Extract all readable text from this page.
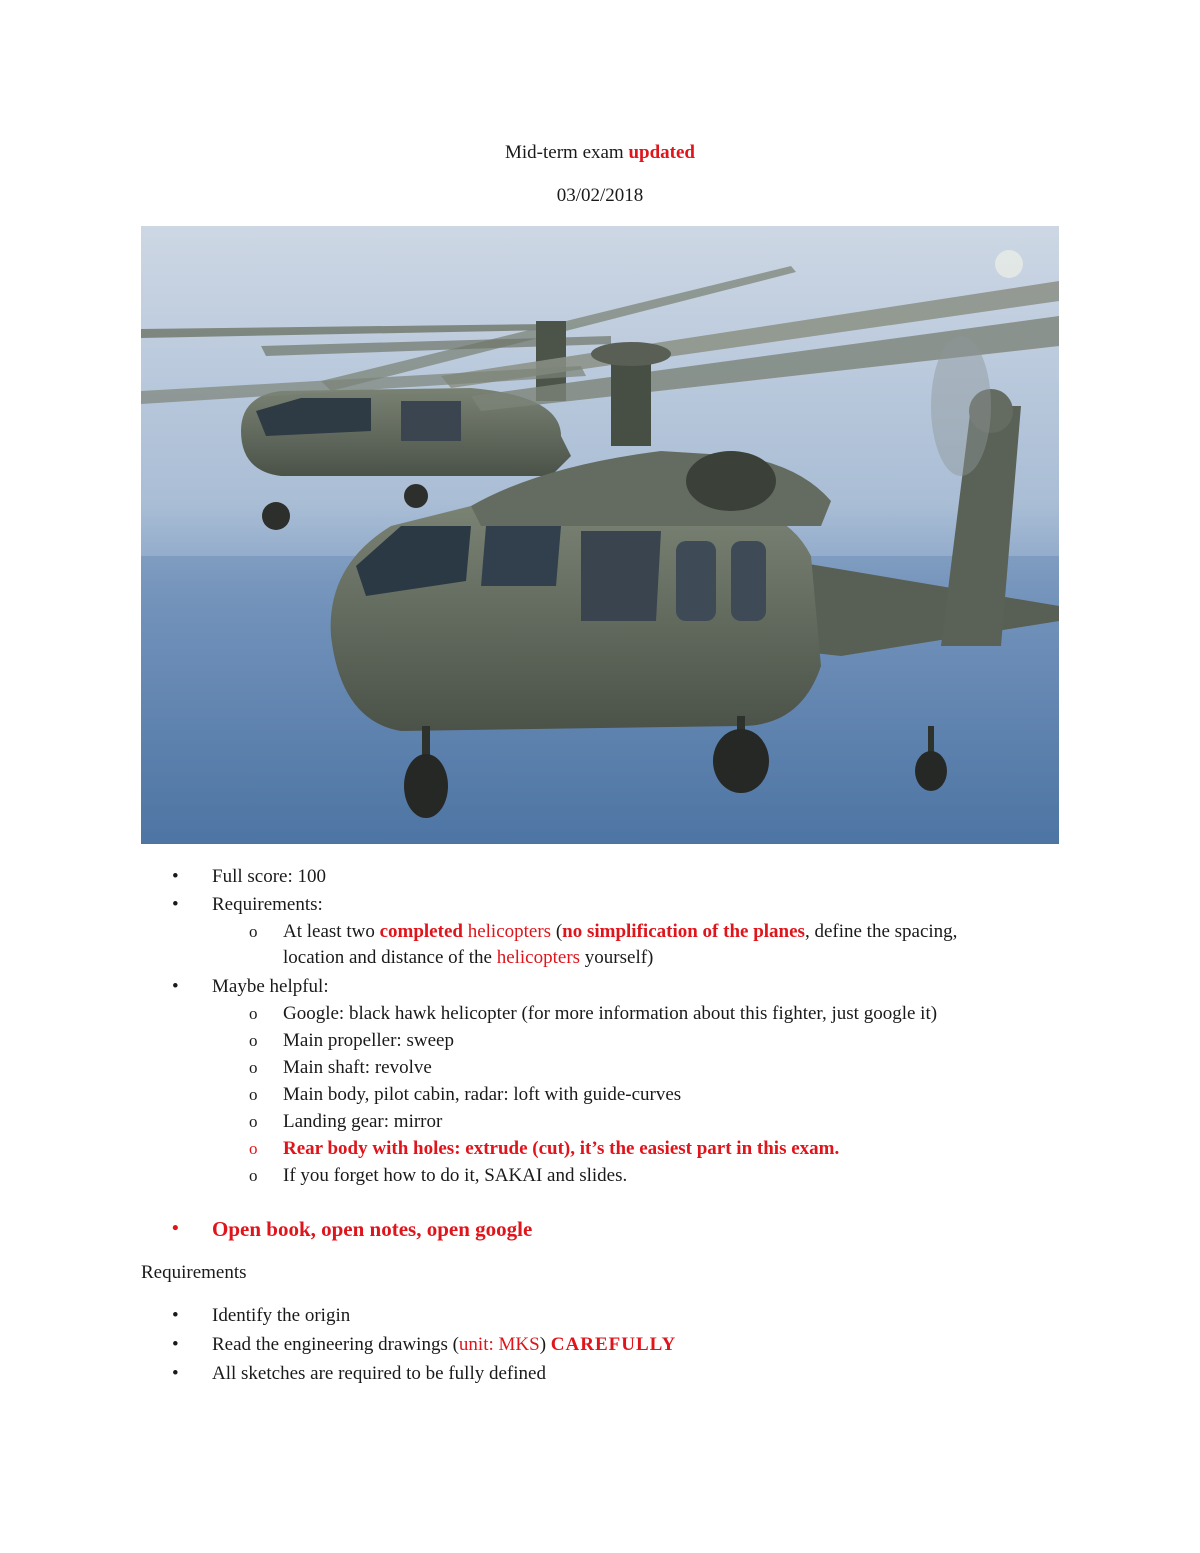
Mid-term exam updated
03/02/2018
• Full score: 100
• Requirements:
o At least two completed helicopters (no simplification of the planes, define the spacing,
location and distance of the helicopters yourself)
• Maybe helpful:
o Google: black hawk helicopter (for more information about this fighter, just google it)
o Main propeller: sweep
o Main shaft: revolve
o Main body, pilot cabin, radar: loft with guide-curves
o Landing gear: mirror
o Rear body with holes: extrude (cut), it’s the easiest part in this exam.
o If you forget how to do it, SAKAI and slides.
• Open book, open notes, open google
Requirements
• Identify the origin
• Read the engineering drawings (unit: MKS) CAREFULLY
• All sketches are required to be fully defined
